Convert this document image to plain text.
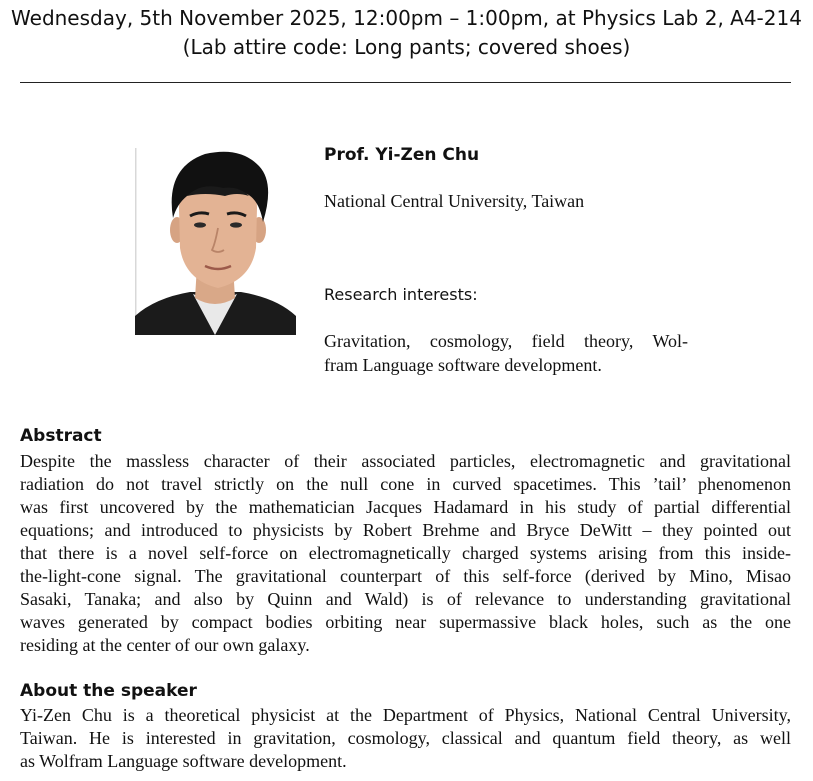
Wednesday, 5th November 2025, 12:00pm – 1:00pm, at Physics Lab 2, A4-214
(Lab attire code: Long pants; covered shoes)
Prof. Yi-Zen Chu
National Central University, Taiwan
Research interests:
Gravitation, cosmology, field theory, Wol-
fram Language software development.
Abstract
Despite the massless character of their associated particles, electromagnetic and gravitational
radiation do not travel strictly on the null cone in curved spacetimes. This ’tail’ phenomenon
was first uncovered by the mathematician Jacques Hadamard in his study of partial differential
equations; and introduced to physicists by Robert Brehme and Bryce DeWitt – they pointed out
that there is a novel self-force on electromagnetically charged systems arising from this inside-
the-light-cone signal. The gravitational counterpart of this self-force (derived by Mino, Misao
Sasaki, Tanaka; and also by Quinn and Wald) is of relevance to understanding gravitational
waves generated by compact bodies orbiting near supermassive black holes, such as the one
residing at the center of our own galaxy.
About the speaker
Yi-Zen Chu is a theoretical physicist at the Department of Physics, National Central University,
Taiwan. He is interested in gravitation, cosmology, classical and quantum field theory, as well
as Wolfram Language software development.
